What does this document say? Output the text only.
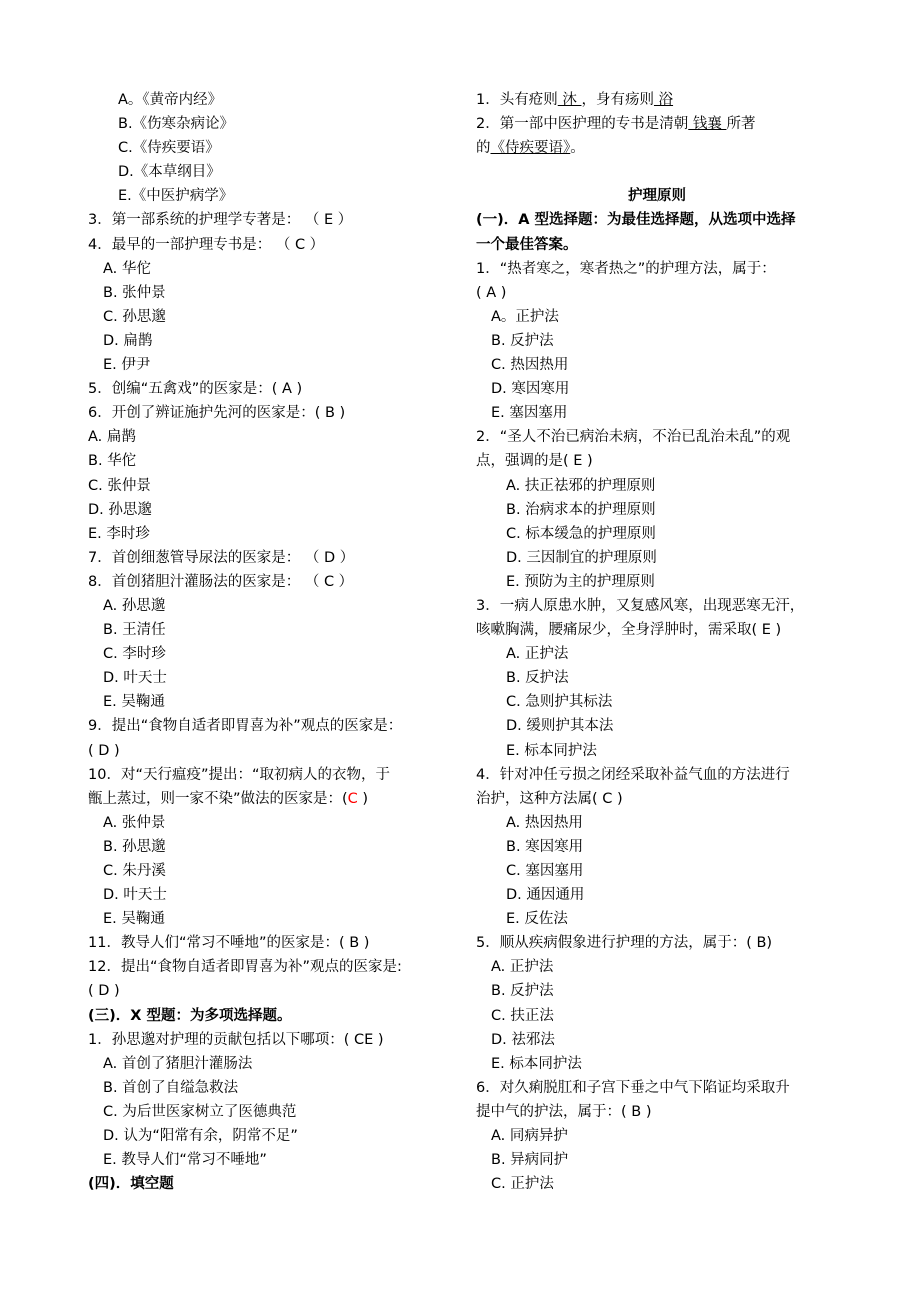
A。《黄帝内经》
B.《伤寒杂病论》
C.《侍疾要语》
D.《本草纲目》
E.《中医护病学》
3．第一部系统的护理学专著是： （ E ）
4．最早的一部护理专书是： （ C ）
A. 华佗
B. 张仲景
C. 孙思邈
D. 扁鹊
E. 伊尹
5．创编“五禽戏”的医家是：( A )
6．开创了辨证施护先河的医家是：( B )
A. 扁鹊
B. 华佗
C. 张仲景
D. 孙思邈
E. 李时珍
7．首创细葱管导尿法的医家是： （ D ）
8．首创猪胆汁灌肠法的医家是： （ C ）
A. 孙思邈
B. 王清任
C. 李时珍
D. 叶天士
E. 吴鞠通
9．提出“食物自适者即胃喜为补”观点的医家是：
( D )
10．对“天行瘟疫”提出：“取初病人的衣物，于
甑上蒸过，则一家不染”做法的医家是：(C )
A. 张仲景
B. 孙思邈
C. 朱丹溪
D. 叶天士
E. 吴鞠通
11．教导人们“常习不唾地”的医家是：( B )
12．提出“食物自适者即胃喜为补”观点的医家是:
( D )
(三)．X 型题：为多项选择题。
1．孙思邈对护理的贡献包括以下哪项：( CE )
A. 首创了猪胆汁灌肠法
B. 首创了自缢急救法
C. 为后世医家树立了医德典范
D. 认为“阳常有余，阴常不足”
E. 教导人们“常习不唾地”
(四)．填空题
1．头有疮则 沐 ，身有疡则 浴
2．第一部中医护理的专书是清朝 钱襄 所著
的《侍疾要语》。
护理原则
(一)．A 型选择题：为最佳选择题，从选项中选择
一个最佳答案。
1．“热者寒之，寒者热之”的护理方法，属于：
( A )
A。正护法
B. 反护法
C. 热因热用
D. 寒因寒用
E. 塞因塞用
2．“圣人不治已病治未病，不治已乱治未乱”的观
点，强调的是( E )
A. 扶正祛邪的护理原则
B. 治病求本的护理原则
C. 标本缓急的护理原则
D. 三因制宜的护理原则
E. 预防为主的护理原则
3．一病人原患水肿，又复感风寒，出现恶寒无汗，
咳嗽胸满，腰痛尿少，全身浮肿时，需采取( E )
A. 正护法
B. 反护法
C. 急则护其标法
D. 缓则护其本法
E. 标本同护法
4．针对冲任亏损之闭经采取补益气血的方法进行
治护，这种方法属( C )
A. 热因热用
B. 寒因寒用
C. 塞因塞用
D. 通因通用
E. 反佐法
5．顺从疾病假象进行护理的方法，属于：( B)
A. 正护法
B. 反护法
C. 扶正法
D. 祛邪法
E. 标本同护法
6．对久痢脱肛和子宫下垂之中气下陷证均采取升
提中气的护法，属于：( B )
A. 同病异护
B. 异病同护
C. 正护法
